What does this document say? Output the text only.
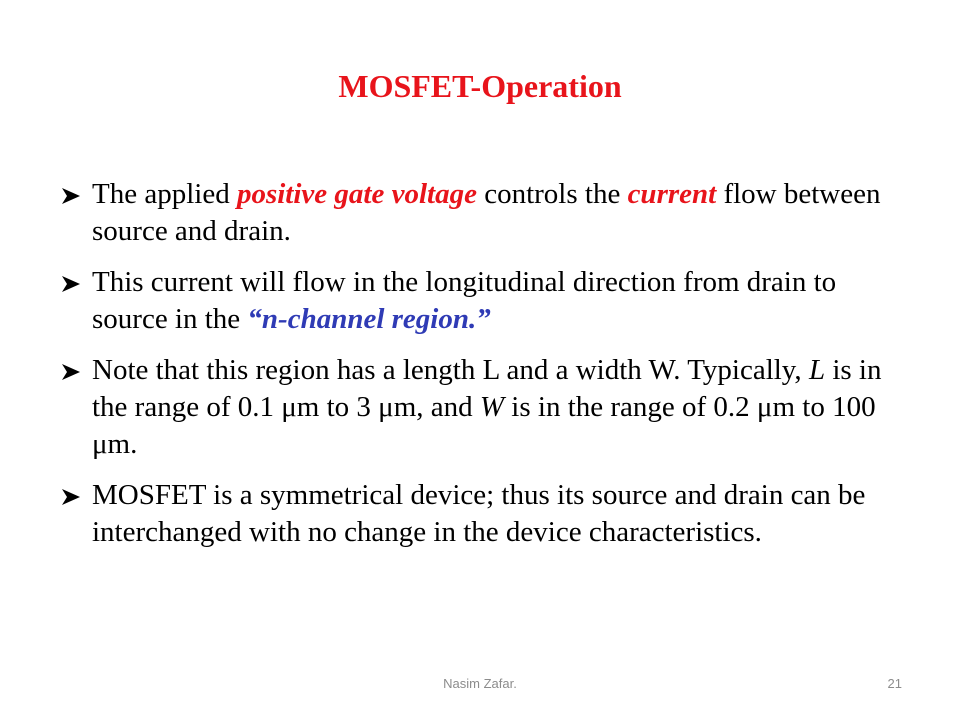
MOSFET-Operation
The applied positive gate voltage controls the current flow between source and drain.
This current will flow in the longitudinal direction from drain to source in the “n-channel region.”
Note that this region has a length L and a width W. Typically, L is in the range of 0.1 μm to 3 μm, and W is in the range of 0.2 μm to 100 μm.
MOSFET is a symmetrical device; thus its source and drain can be interchanged with no change in the device characteristics.
Nasim Zafar.	21
